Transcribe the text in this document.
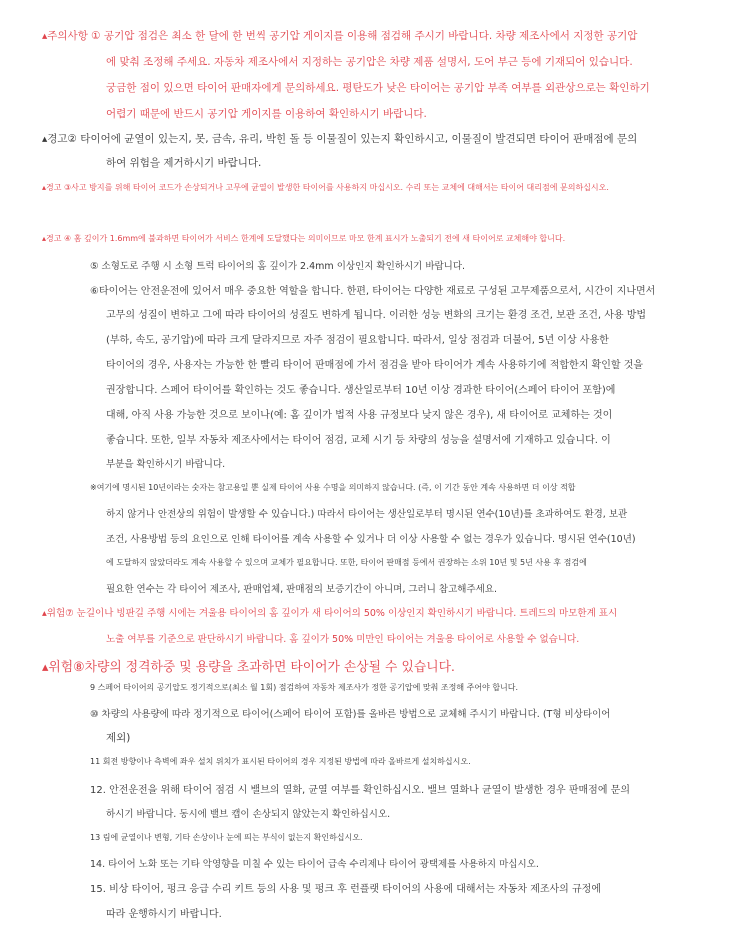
▴주의사항 ① 공기압 점검은 최소 한 달에 한 번씩 공기압 게이지를 이용해 점검해 주시기 바랍니다. 차량 제조사에서 지정한 공기압
에 맞춰 조정해 주세요. 자동차 제조사에서 지정하는 공기압은 차량 제품 설명서, 도어 부근 등에 기재되어 있습니다.
궁금한 점이 있으면 타이어 판매자에게 문의하세요. 평탄도가 낮은 타이어는 공기압 부족 여부를 외관상으로는 확인하기
어렵기 때문에 반드시 공기압 게이지를 이용하여 확인하시기 바랍니다.
▴경고② 타이어에 균열이 있는지, 못, 금속, 유리, 박힌 돌 등 이물질이 있는지 확인하시고, 이물질이 발견되면 타이어 판매점에 문의
하여 위험을 제거하시기 바랍니다.
▴경고 ③사고 방지를 위해 타이어 코드가 손상되거나 고무에 균열이 발생한 타이어를 사용하지 마십시오. 수리 또는 교체에 대해서는 타이어 대리점에 문의하십시오.
▴경고 ④ 홈 깊이가 1.6mm에 불과하면 타이어가 서비스 한계에 도달했다는 의미이므로 마모 한계 표시가 노출되기 전에 새 타이어로 교체해야 합니다.
⑤ 소형도로 주행 시 소형 트럭 타이어의 홈 깊이가 2.4mm 이상인지 확인하시기 바랍니다.
⑥타이어는 안전운전에 있어서 매우 중요한 역할을 합니다. 한편, 타이어는 다양한 재료로 구성된 고무제품으로서, 시간이 지나면서
고무의 성질이 변하고 그에 따라 타이어의 성질도 변하게 됩니다. 이러한 성능 변화의 크기는 환경 조건, 보관 조건, 사용 방법
(부하, 속도, 공기압)에 따라 크게 달라지므로 자주 점검이 필요합니다. 따라서, 일상 점검과 더불어, 5년 이상 사용한
타이어의 경우, 사용자는 가능한 한 빨리 타이어 판매점에 가서 점검을 받아 타이어가 계속 사용하기에 적합한지 확인할 것을
권장합니다. 스페어 타이어를 확인하는 것도 좋습니다. 생산일로부터 10년 이상 경과한 타이어(스페어 타이어 포함)에
대해, 아직 사용 가능한 것으로 보이나(예: 홈 깊이가 법적 사용 규정보다 낮지 않은 경우), 새 타이어로 교체하는 것이
좋습니다. 또한, 일부 자동차 제조사에서는 타이어 점검, 교체 시기 등 차량의 성능을 설명서에 기재하고 있습니다. 이
부분을 확인하시기 바랍니다.
※여기에 명시된 10년이라는 숫자는 참고용일 뿐 실제 타이어 사용 수명을 의미하지 않습니다. (즉, 이 기간 동안 계속 사용하면 더 이상 적합
하지 않거나 안전상의 위험이 발생할 수 있습니다.) 따라서 타이어는 생산일로부터 명시된 연수(10년)를 초과하여도 환경, 보관
조건, 사용방법 등의 요인으로 인해 타이어를 계속 사용할 수 있거나 더 이상 사용할 수 없는 경우가 있습니다. 명시된 연수(10년)
에 도달하지 않았더라도 계속 사용할 수 있으며 교체가 필요합니다. 또한, 타이어 판매점 등에서 권장하는 소위 10년 및 5년 사용 후 점검에
필요한 연수는 각 타이어 제조사, 판매업체, 판매점의 보증기간이 아니며, 그러니 참고해주세요.
▴위험⑦ 눈길이나 빙판길 주행 시에는 겨울용 타이어의 홈 깊이가 새 타이어의 50% 이상인지 확인하시기 바랍니다. 트레드의 마모한계 표시
노출 여부를 기준으로 판단하시기 바랍니다. 홈 깊이가 50% 미만인 타이어는 겨울용 타이어로 사용할 수 없습니다.
▴위험⑧차량의 정격하중 및 용량을 초과하면 타이어가 손상될 수 있습니다.
9 스페어 타이어의 공기압도 정기적으로(최소 월 1회) 점검하여 자동차 제조사가 정한 공기압에 맞춰 조정해 주어야 합니다.
⑩ 차량의 사용량에 따라 정기적으로 타이어(스페어 타이어 포함)를 올바른 방법으로 교체해 주시기 바랍니다. (T형 비상타이어
제외)
11 회전 방향이나 측벽에 좌우 설치 위치가 표시된 타이어의 경우 지정된 방법에 따라 올바르게 설치하십시오.
12. 안전운전을 위해 타이어 점검 시 밸브의 열화, 균열 여부를 확인하십시오. 밸브 열화나 균열이 발생한 경우 판매점에 문의
하시기 바랍니다. 동시에 밸브 캡이 손상되지 않았는지 확인하십시오.
13 림에 균열이나 변형, 기타 손상이나 눈에 띄는 부식이 없는지 확인하십시오.
14. 타이어 노화 또는 기타 악영향을 미칠 수 있는 타이어 급속 수리제나 타이어 광택제를 사용하지 마십시오.
15. 비상 타이어, 펑크 응급 수리 키트 등의 사용 및 펑크 후 런플랫 타이어의 사용에 대해서는 자동차 제조사의 규정에
따라 운행하시기 바랍니다.
